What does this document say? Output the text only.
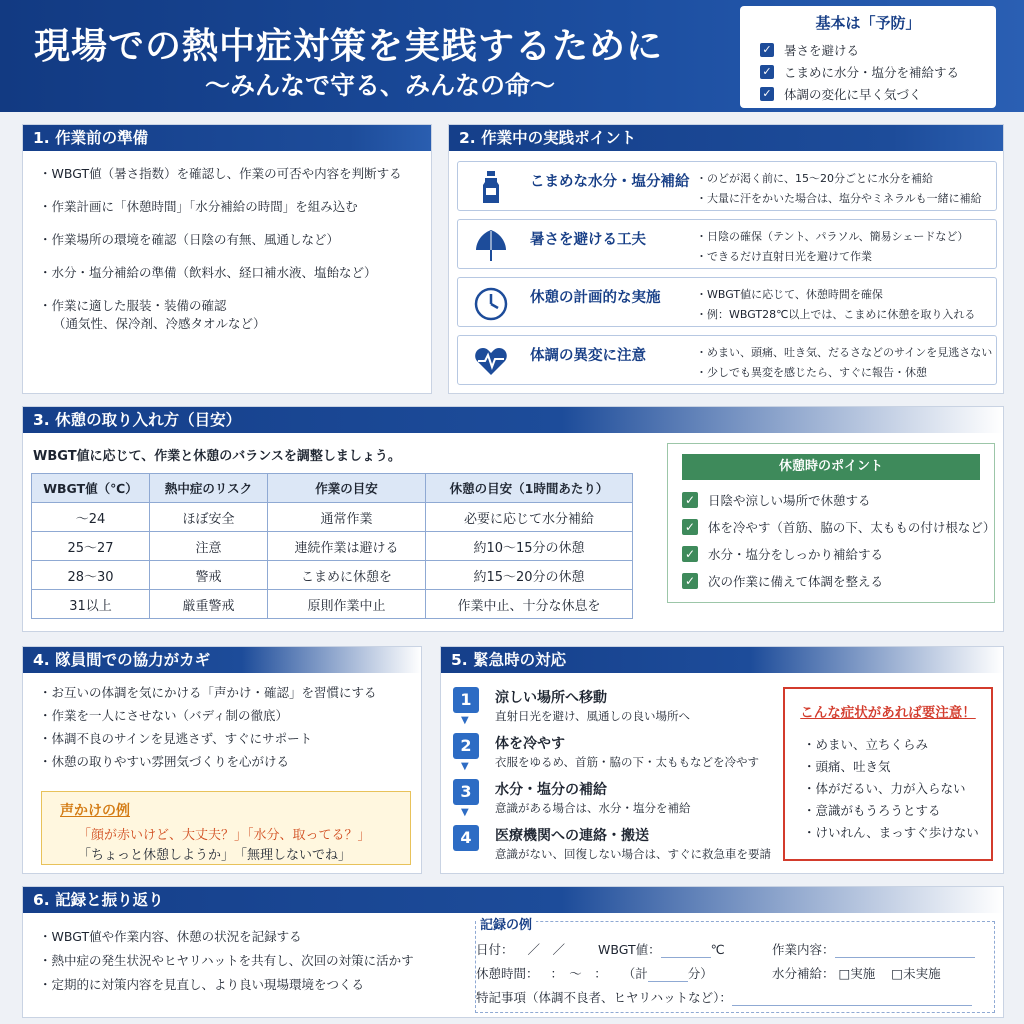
現場での熱中症対策を実践するために
〜みんなで守る、みんなの命〜
基本は「予防」
✓ 暑さを避ける
✓ こまめに水分・塩分を補給する
✓ 体調の変化に早く気づく
1. 作業前の準備
・ WBGT値（暑さ指数）を確認し、作業の可否や内容を判断する
・ 作業計画に「休憩時間」「水分補給の時間」を組み込む
・ 作業場所の環境を確認（日陰の有無、風通しなど）
・ 水分・塩分補給の準備（飲料水、経口補水液、塩飴など）
・ 作業に適した服装・装備の確認
（通気性、保冷剤、冷感タオルなど）
2. 作業中の実践ポイント
こまめな水分・塩分補給 ・のどが渇く前に、15〜20分ごとに水分を補給
・大量に汗をかいた場合は、塩分やミネラルも一緒に補給
暑さを避ける工夫	・日陰の確保（テント、パラソル、簡易シェードなど）
・できるだけ直射日光を避けて作業
休憩の計画的な実施	・WBGT値に応じて、休憩時間を確保
・例：WBGT28℃以上では、こまめに休憩を取り入れる
体調の異変に注意	・めまい、頭痛、吐き気、だるさなどのサインを見逃さない
・少しでも異変を感じたら、すぐに報告・休憩
3. 休憩の取り入れ方（目安）
WBGT値に応じて、作業と休憩のバランスを調整しましょう。
WBGT値（℃）	熱中症のリスク	作業の目安	休憩の目安（1時間あたり）
〜24	ほぼ安全	通常作業	必要に応じて水分補給
25〜27	注意	連続作業は避ける	約10〜15分の休憩
28〜30	警戒	こまめに休憩を	約15〜20分の休憩
31以上	厳重警戒	原則作業中止	作業中止、十分な休息を
休憩時のポイント
✓ 日陰や涼しい場所で休憩する
✓ 体を冷やす（首筋、脇の下、太ももの付け根など）
✓ 水分・塩分をしっかり補給する
✓ 次の作業に備えて体調を整える
4. 隊員間での協力がカギ
・ お互いの体調を気にかける「声かけ・確認」を習慣にする
・ 作業を一人にさせない（バディ制の徹底）
・ 体調不良のサインを見逃さず、すぐにサポート
・ 休憩の取りやすい雰囲気づくりを心がける
声かけの例
「顔が赤いけど、大丈夫？」「水分、取ってる？」
「ちょっと休憩しようか」　「無理しないでね」
5. 緊急時の対応
1	涼しい場所へ移動
直射日光を避け、風通しの良い場所へ
▼
2	体を冷やす
衣服をゆるめ、首筋・脇の下・太ももなどを冷やす
▼
3	水分・塩分の補給
意識がある場合は、水分・塩分を補給
▼
4	医療機関への連絡・搬送
意識がない、回復しない場合は、すぐに救急車を要請
こんな症状があれば要注意！
・ めまい、立ちくらみ
・ 頭痛、吐き気
・ 体がだるい、力が入らない
・ 意識がもうろうとする
・ けいれん、まっすぐ歩けない
6. 記録と振り返り
・ WBGT値や作業内容、休憩の状況を記録する
・ 熱中症の発生状況やヒヤリハットを共有し、次回の対策に活かす
・ 定期的に対策内容を見直し、より良い現場環境をつくる
記録の例
日付： ／　／	WBGT値：	℃	作業内容：
休憩時間： ：　〜　： （計	分）	水分補給： □実施 □未実施
特記事項（体調不良者、ヒヤリハットなど）：
